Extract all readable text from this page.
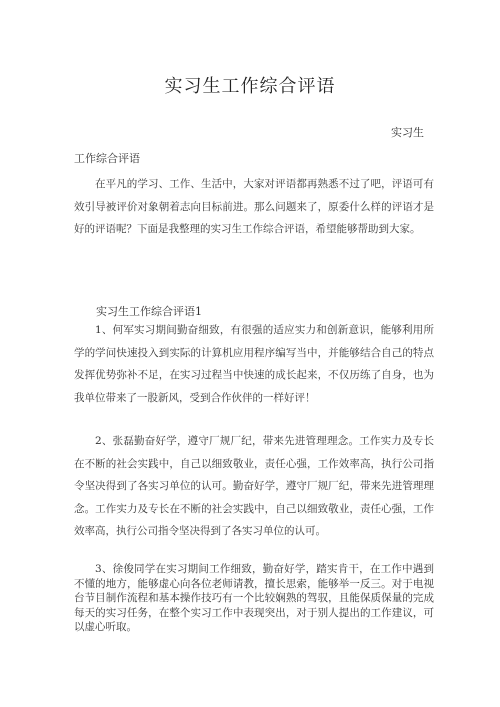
实习生工作综合评语
实习生
工作综合评语

在平凡的学习、工作、生活中，大家对评语都再熟悉不过了吧，评语可有效引导被评价对象朝着志向目标前进。那么问题来了，原委什么样的评语才是好的评语呢？下面是我整理的实习生工作综合评语，希望能够帮助到大家。

实习生工作综合评语1

1、何军实习期间勤奋细致，有很强的适应实力和创新意识，能够利用所学的学问快速投入到实际的计算机应用程序编写当中，并能够结合自己的特点发挥优势弥补不足，在实习过程当中快速的成长起来，不仅历练了自身，也为我单位带来了一股新风，受到合作伙伴的一样好评！

2、张磊勤奋好学，遵守厂规厂纪，带来先进管理理念。工作实力及专长在不断的社会实践中，自己以细致敬业，责任心强，工作效率高，执行公司指令坚决得到了各实习单位的认可。勤奋好学，遵守厂规厂纪，带来先进管理理念。工作实力及专长在不断的社会实践中，自己以细致敬业，责任心强，工作效率高，执行公司指令坚决得到了各实习单位的认可。

3、徐俊同学在实习期间工作细致，勤奋好学，踏实肯干，在工作中遇到不懂的地方，能够虚心向各位老师请教，擅长思索，能够举一反三。对于电视台节目制作流程和基本操作技巧有一个比较娴熟的驾驭，且能保质保量的完成每天的实习任务，在整个实习工作中表现突出，对于别人提出的工作建议，可以虚心听取。
